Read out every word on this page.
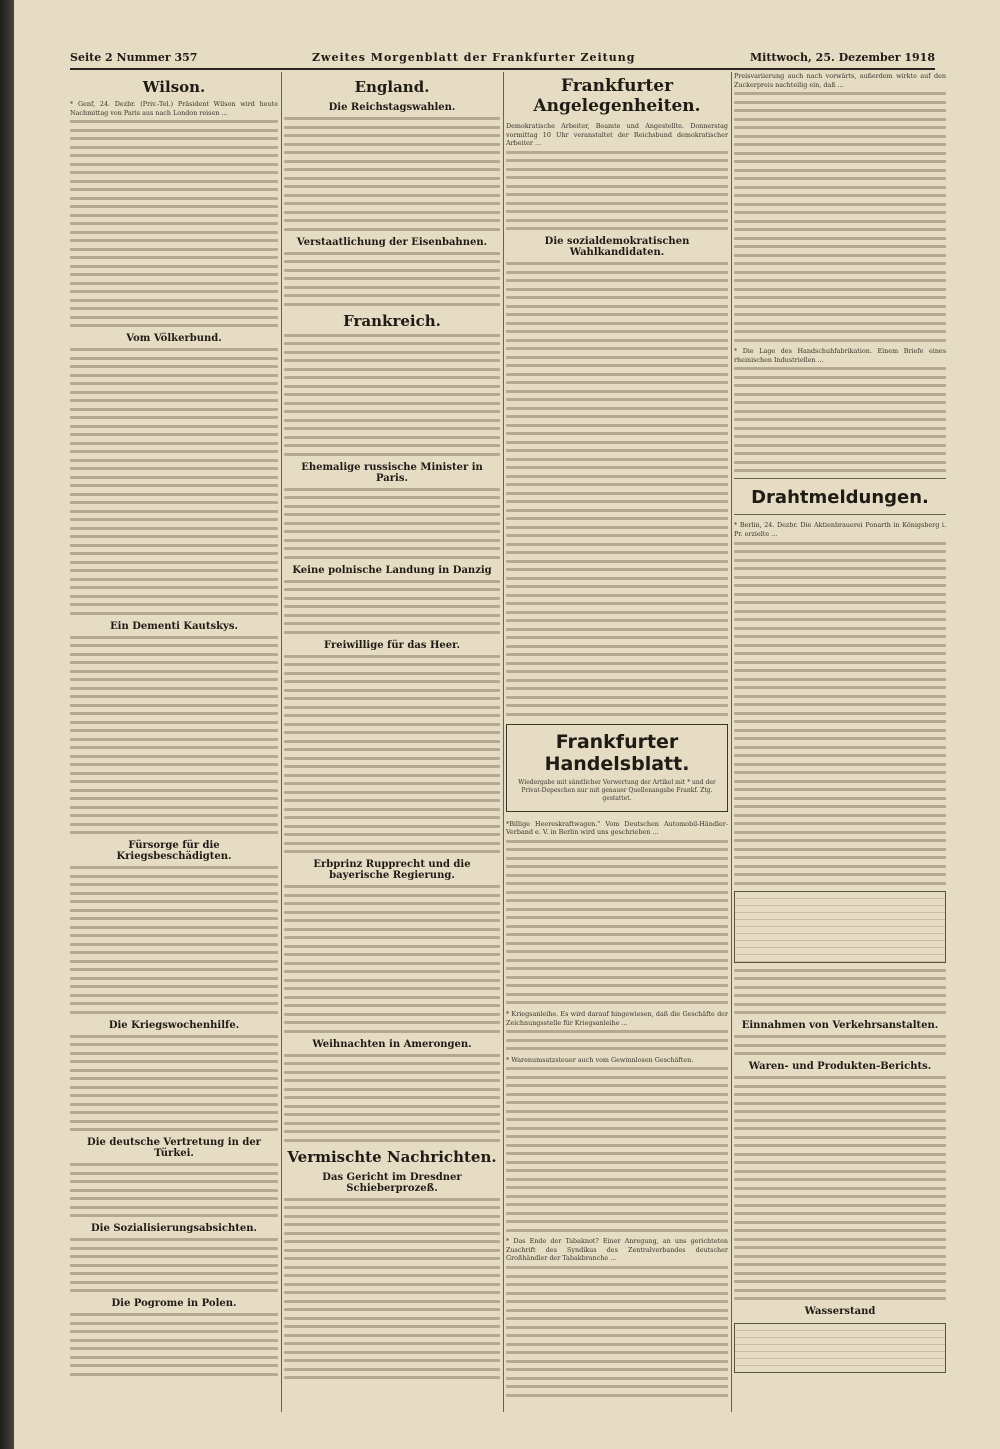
Seite 2 Nummer 357	Zweites Morgenblatt der Frankfurter Zeitung	Mittwoch, 25. Dezember 1918
Wilson.
* Genf, 24. Dezbr. (Priv.-Tel.) Präsident Wilson wird heute Nachmittag von Paris aus nach London reisen ...
Vom Völkerbund.
Ein Dementi Kautskys.
Fürsorge für die Kriegsbeschädigten.
Die Kriegswochenhilfe.
Die deutsche Vertretung in der Türkei.
Die Sozialisierungsabsichten.
Die Pogrome in Polen.
England.
Die Reichstagswahlen.
Verstaatlichung der Eisenbahnen.
Frankreich.
Ehemalige russische Minister in Paris.
Keine polnische Landung in Danzig
Freiwillige für das Heer.
Erbprinz Rupprecht und die bayerische Regierung.
Weihnachten in Amerongen.
Vermischte Nachrichten.
Das Gericht im Dresdner Schieberprozeß.
Frankfurter Angelegenheiten.
Demokratische Arbeiter, Beamte und Angestellte. Donnerstag vormittag 10 Uhr veranstaltet der Reichsbund demokratischer Arbeiter ...
Die sozialdemokratischen Wahlkandidaten.
Frankfurter Handelsblatt.
Wiedergabe mit sämtlicher Verwertung der Artikel mit * und der Privat-Depeschen nur mit genauer Quellenangabe Frankf. Ztg. gestattet.
*Billige Heereskraftwagen." Vom Deutschen Automobil-Händler-Verband e. V. in Berlin wird uns geschrieben ...
* Kriegsanleihe. Es wird darauf hingewiesen, daß die Geschäfte der Zeichnungsstelle für Kriegsanleihe ...
* Warenumsatzsteuer auch vom Gewinnlosen Geschäften.
* Das Ende der Tabaknot? Einer Anregung, an uns gerichteten Zuschrift des Syndikus des Zentralverbandes deutscher Großhändler der Tabakbranche ...
Preisvariierung auch nach vorwärts, außerdem wirkte auf den Zuckerpreis nachteilig ein, daß ...
* Die Lage des Handschuhfabrikation. Einem Briefe eines rheinischen Industriellen ...
Drahtmeldungen.
* Berlin, 24. Dezbr. Die Aktienbrauerei Ponarth in Königsberg i. Pr. erzielte ...
Einnahmen von Verkehrsanstalten.
Waren- und Produkten-Berichts.
Wasserstand
